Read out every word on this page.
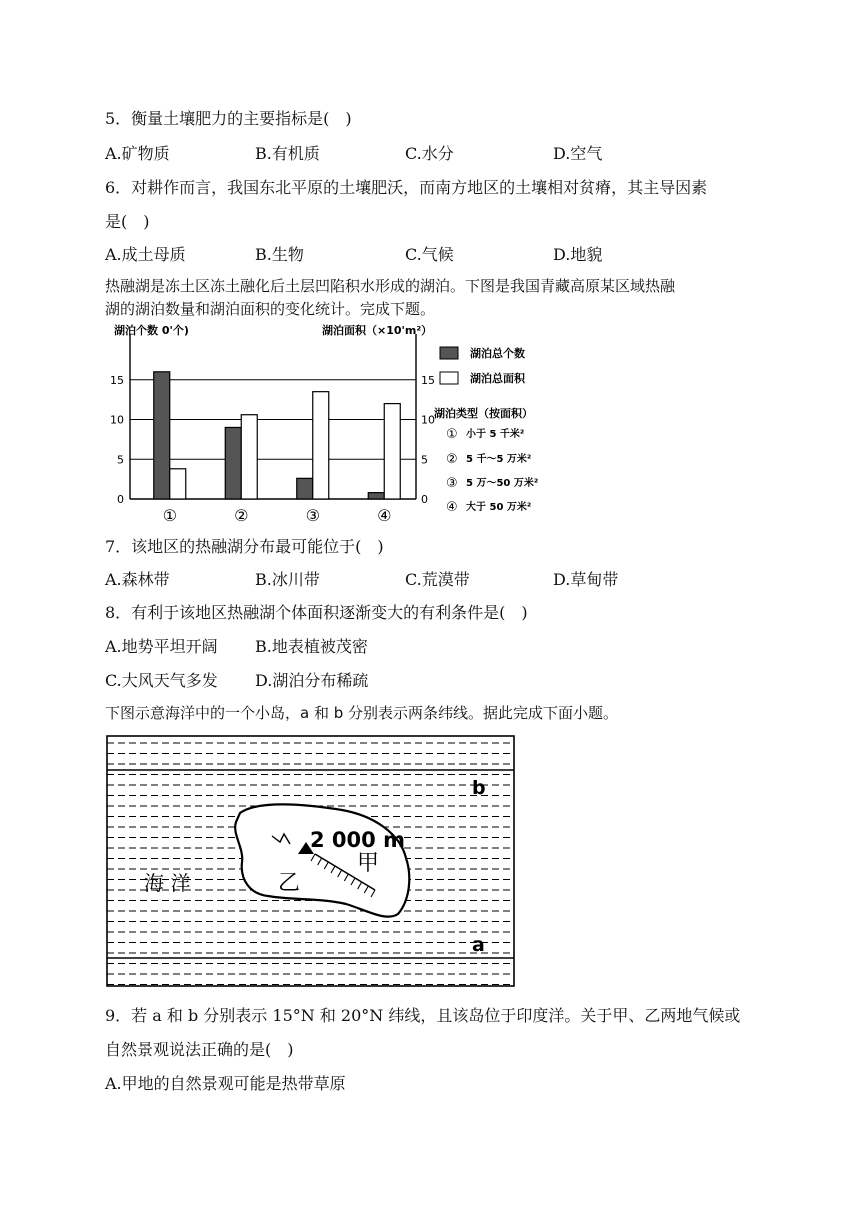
5．衡量土壤肥力的主要指标是(　)
A.矿物质	B.有机质	C.水分	D.空气
6．对耕作而言，我国东北平原的土壤肥沃，而南方地区的土壤相对贫瘠，其主导因素
是(　)
A.成土母质	B.生物	C.气候	D.地貌
热融湖是冻土区冻土融化后土层凹陷积水形成的湖泊。下图是我国青藏高原某区域热融
湖的湖泊数量和湖泊面积的变化统计。完成下题。
0	0
5	5
10	10
15	15
①	②	③	④
湖泊个数 0'个)	湖泊面积（×10'm²）
湖泊总个数
湖泊总面积
湖泊类型（按面积）
① 小于 5 千米²
② 5 千～5 万米²
③ 5 万～50 万米²
④ 大于 50 万米²
7．该地区的热融湖分布最可能位于(　)
A.森林带	B.冰川带	C.荒漠带	D.草甸带
8．有利于该地区热融湖个体面积逐渐变大的有利条件是(　)
A.地势平坦开阔 B.地表植被茂密
C.大风天气多发 D.湖泊分布稀疏
下图示意海洋中的一个小岛，a 和 b 分别表示两条纬线。据此完成下面小题。
2 000 m
甲
乙
海 洋
b
a
9．若 a 和 b 分别表示 15°N 和 20°N 纬线，且该岛位于印度洋。关于甲、乙两地气候或
自然景观说法正确的是(　)
A.甲地的自然景观可能是热带草原
